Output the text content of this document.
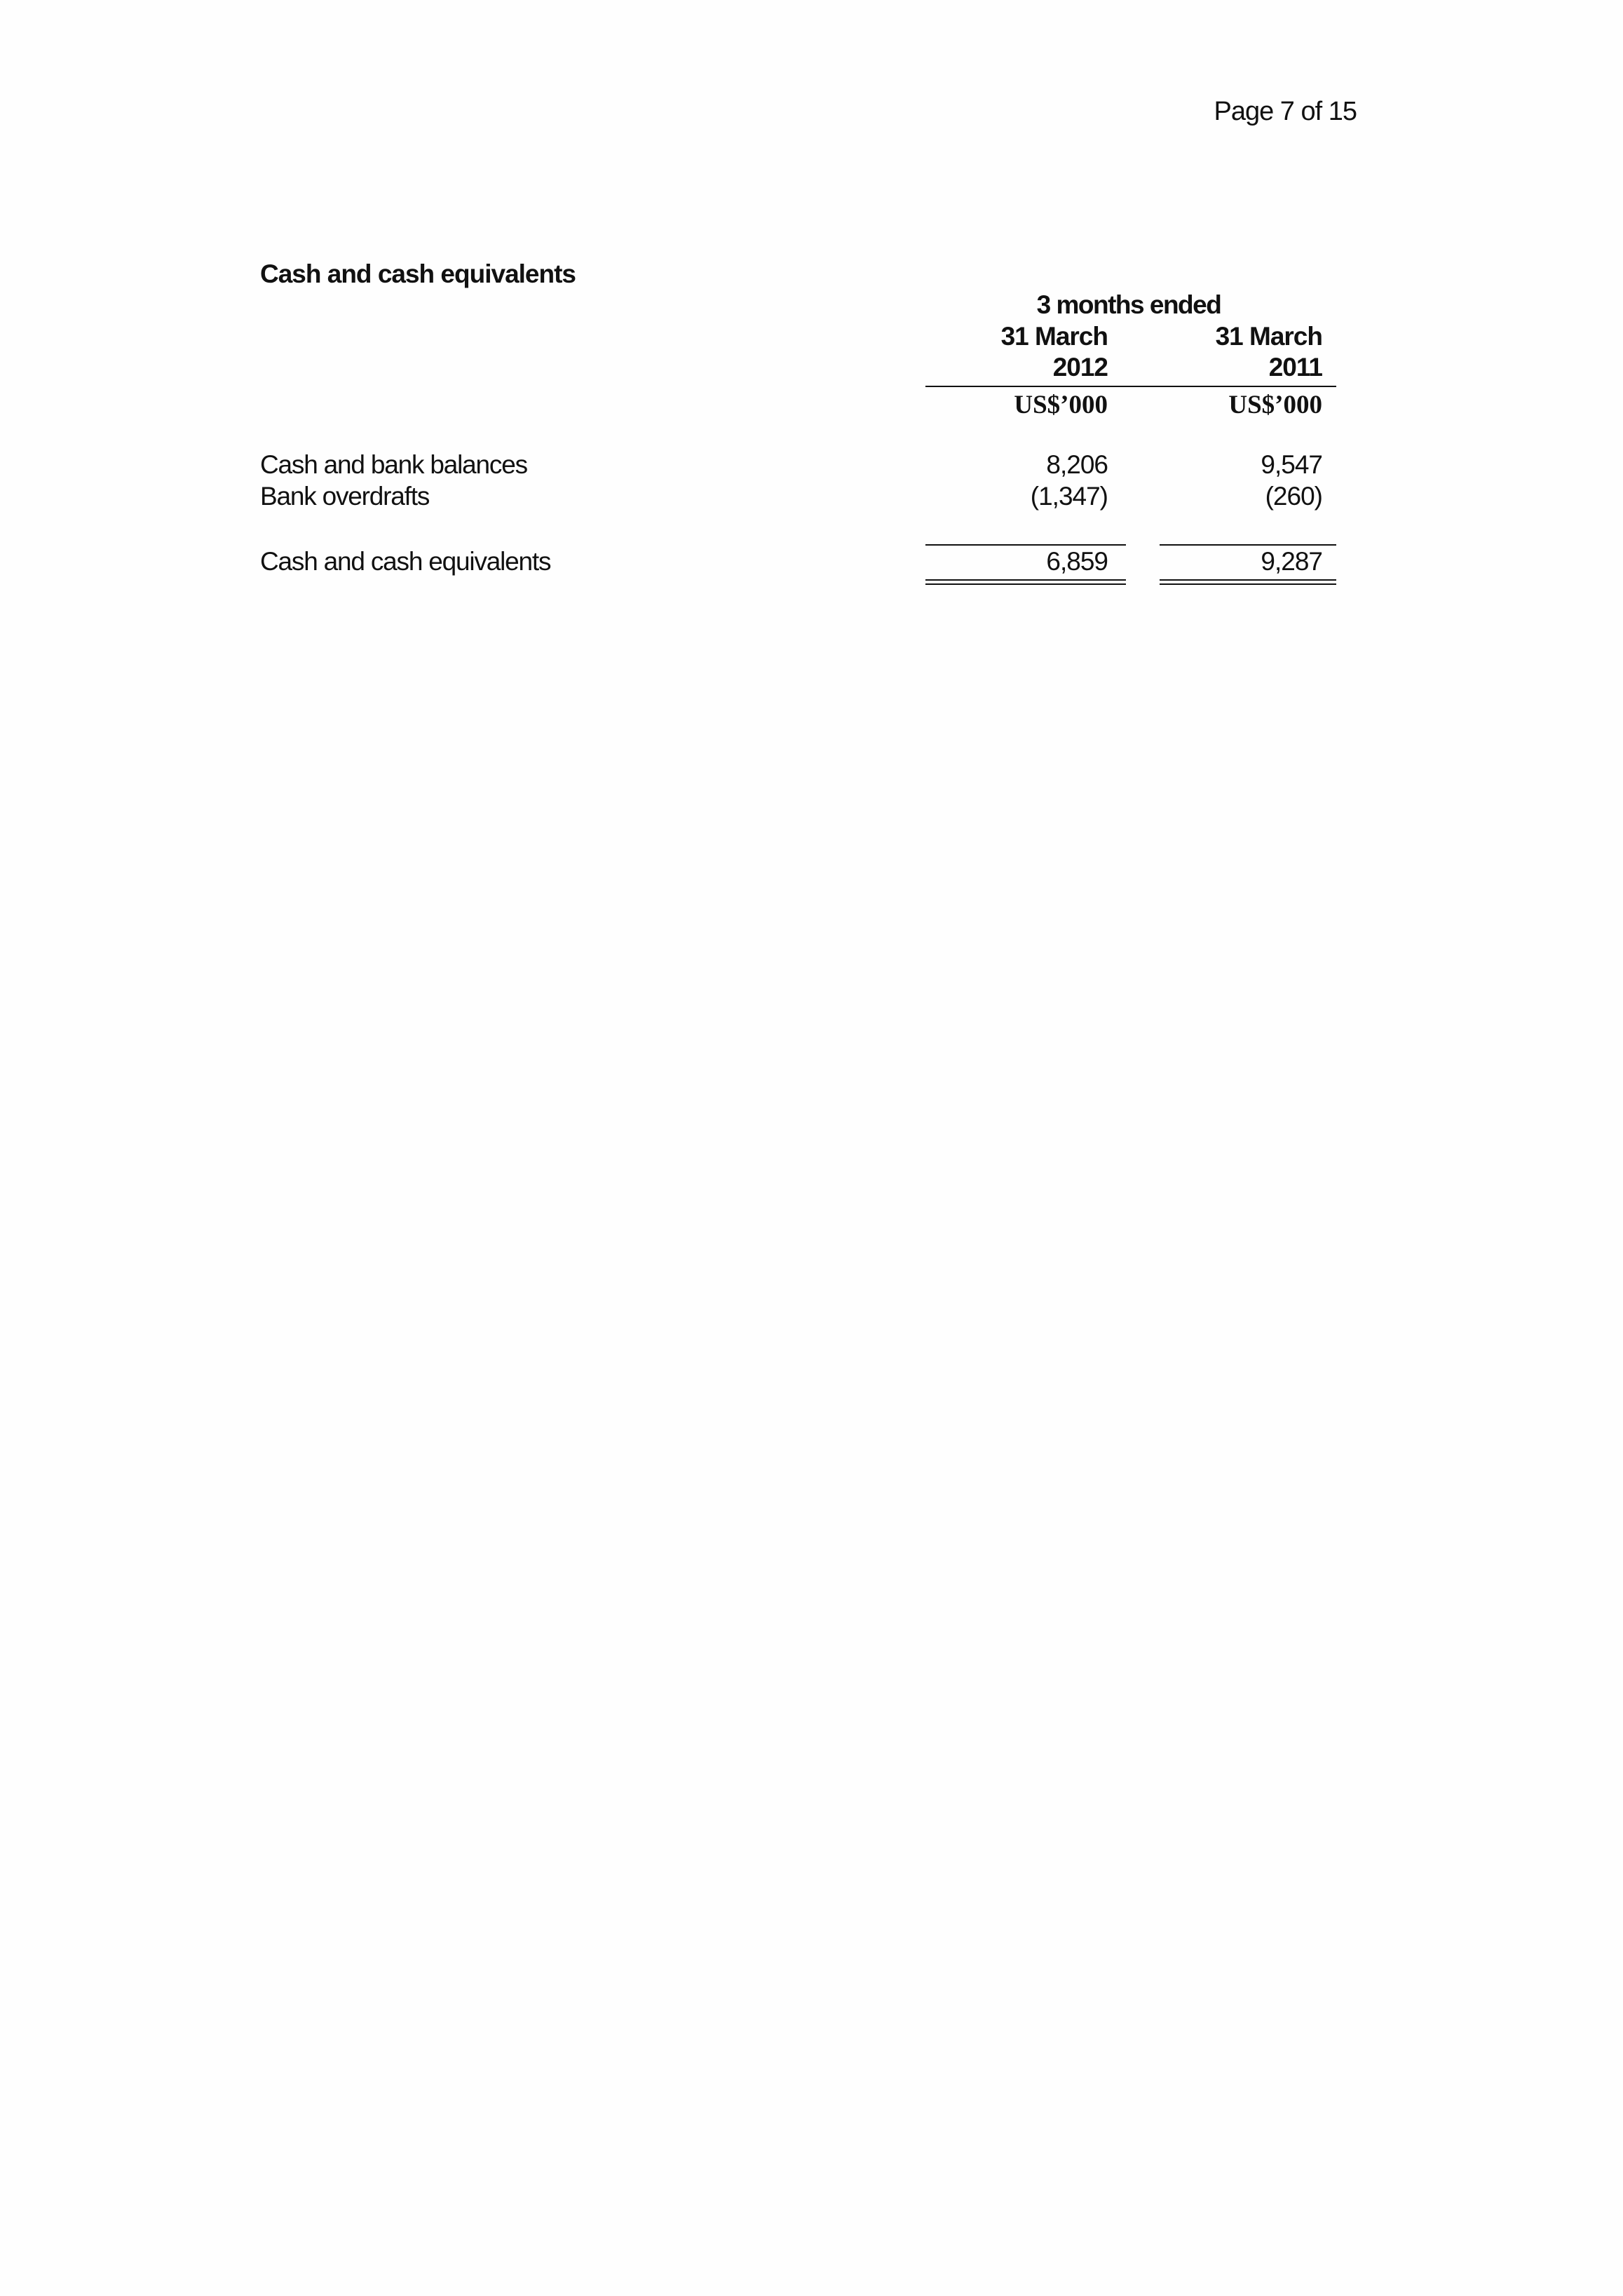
Page 7 of 15
Cash and cash equivalents
3 months ended
31 March
2012
31 March
2011
US$’000	US$’000
Cash and bank balances	8,206	9,547
Bank overdrafts	(1,347)	(260)
Cash and cash equivalents	6,859	9,287
